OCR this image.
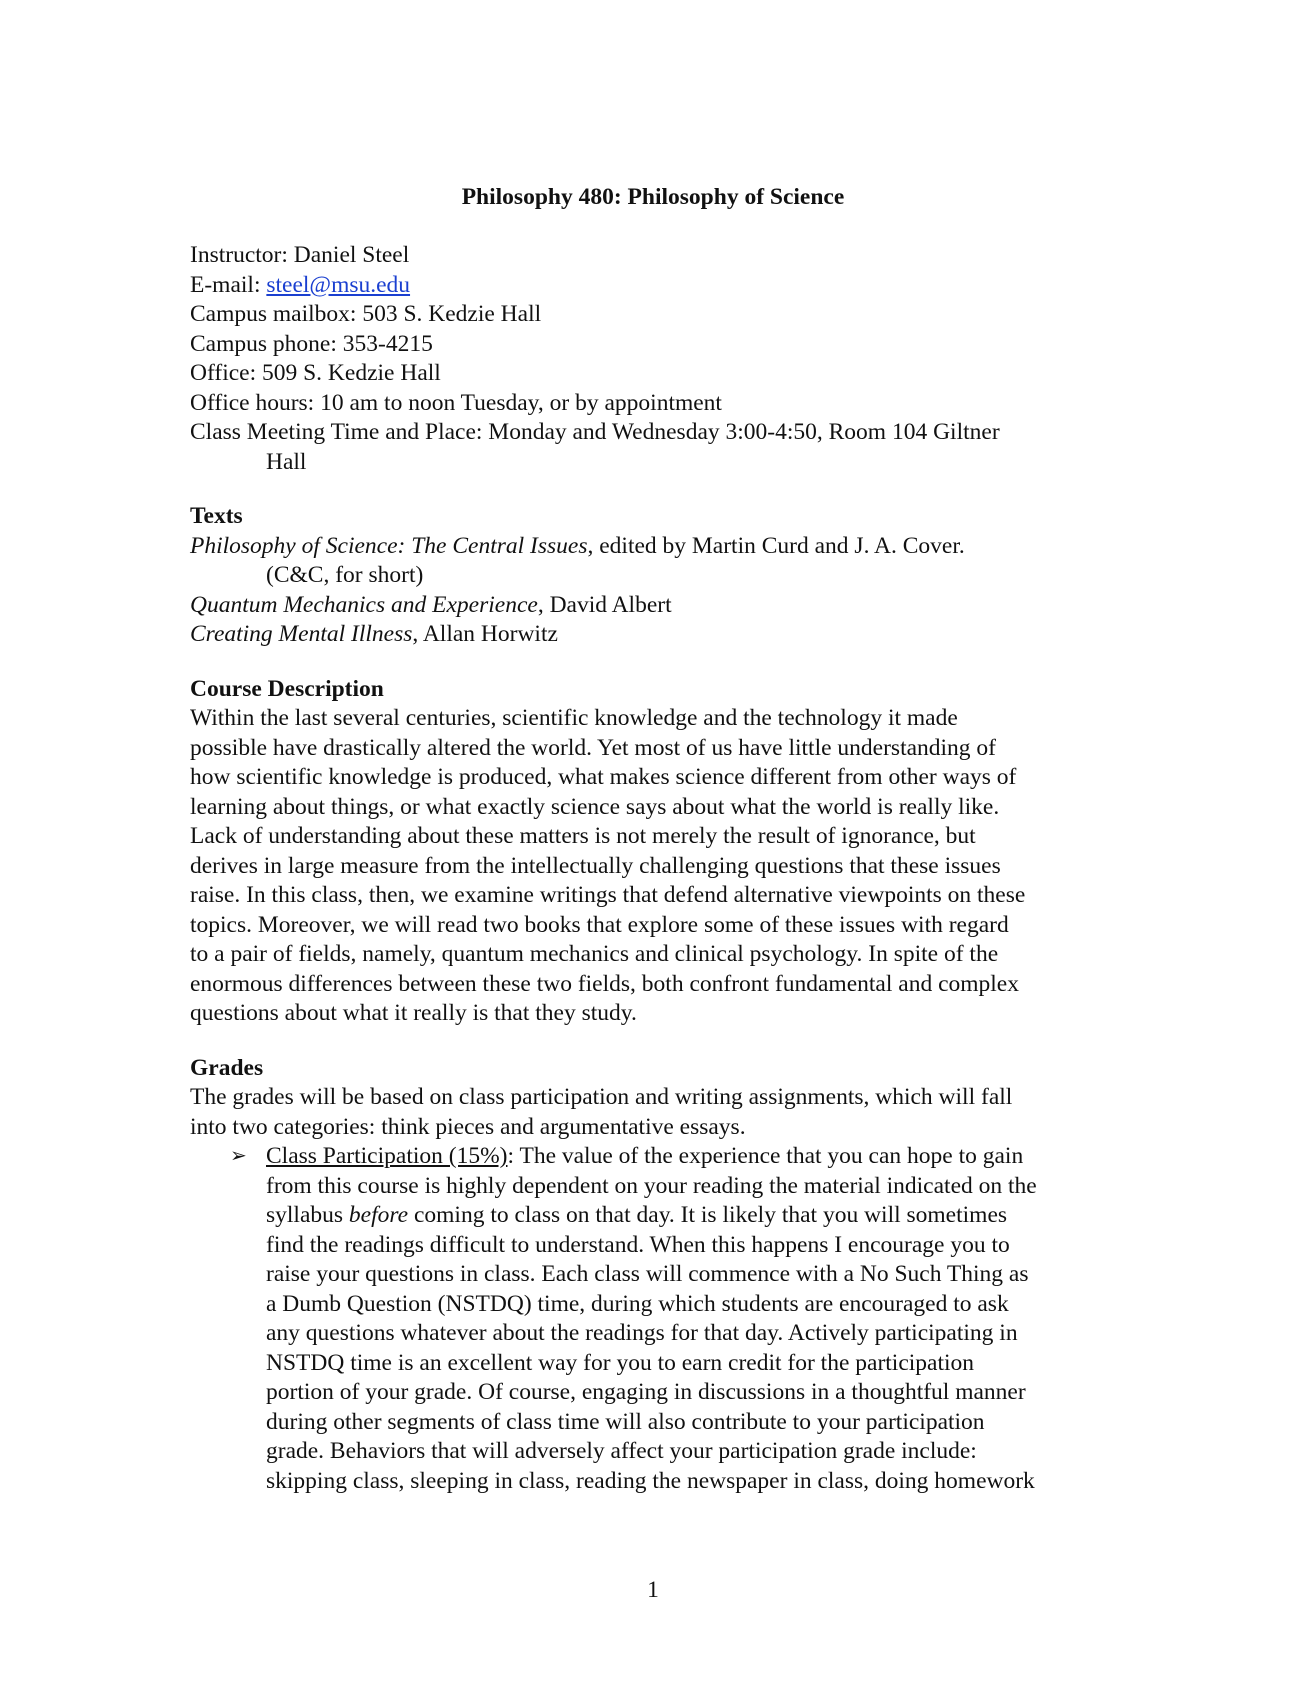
Philosophy 480: Philosophy of Science
Instructor: Daniel Steel
E-mail: steel@msu.edu
Campus mailbox: 503 S. Kedzie Hall
Campus phone: 353-4215
Office: 509 S. Kedzie Hall
Office hours: 10 am to noon Tuesday, or by appointment
Class Meeting Time and Place: Monday and Wednesday 3:00-4:50, Room 104 Giltner
Hall
Texts
Philosophy of Science: The Central Issues, edited by Martin Curd and J. A. Cover.
(C&C, for short)
Quantum Mechanics and Experience, David Albert
Creating Mental Illness, Allan Horwitz
Course Description
Within the last several centuries, scientific knowledge and the technology it made
possible have drastically altered the world. Yet most of us have little understanding of
how scientific knowledge is produced, what makes science different from other ways of
learning about things, or what exactly science says about what the world is really like.
Lack of understanding about these matters is not merely the result of ignorance, but
derives in large measure from the intellectually challenging questions that these issues
raise. In this class, then, we examine writings that defend alternative viewpoints on these
topics. Moreover, we will read two books that explore some of these issues with regard
to a pair of fields, namely, quantum mechanics and clinical psychology. In spite of the
enormous differences between these two fields, both confront fundamental and complex
questions about what it really is that they study.
Grades
The grades will be based on class participation and writing assignments, which will fall
into two categories: think pieces and argumentative essays.
➢ Class Participation (15%): The value of the experience that you can hope to gain
from this course is highly dependent on your reading the material indicated on the
syllabus before coming to class on that day. It is likely that you will sometimes
find the readings difficult to understand. When this happens I encourage you to
raise your questions in class. Each class will commence with a No Such Thing as
a Dumb Question (NSTDQ) time, during which students are encouraged to ask
any questions whatever about the readings for that day. Actively participating in
NSTDQ time is an excellent way for you to earn credit for the participation
portion of your grade. Of course, engaging in discussions in a thoughtful manner
during other segments of class time will also contribute to your participation
grade. Behaviors that will adversely affect your participation grade include:
skipping class, sleeping in class, reading the newspaper in class, doing homework
1
